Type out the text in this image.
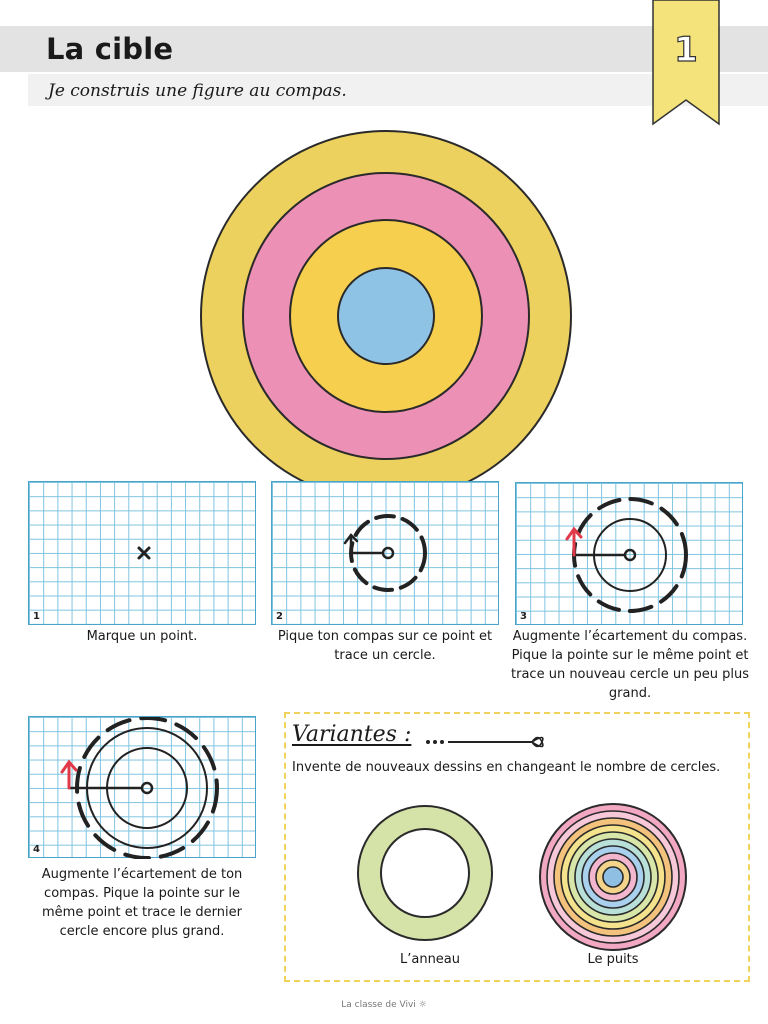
La cible
Je construis une figure au compas.
1
1
Marque un point.
2
Pique ton compas sur ce point et trace un cercle.
3
Augmente l’écartement du compas. Pique la pointe sur le même point et trace un nouveau cercle un peu plus grand.
4
Augmente l’écartement de ton compas. Pique la pointe sur le même point et trace le dernier cercle encore plus grand.
Variantes :
Invente de nouveaux dessins en changeant le nombre de cercles.
L’anneau	Le puits
La classe de Vivi ☼
